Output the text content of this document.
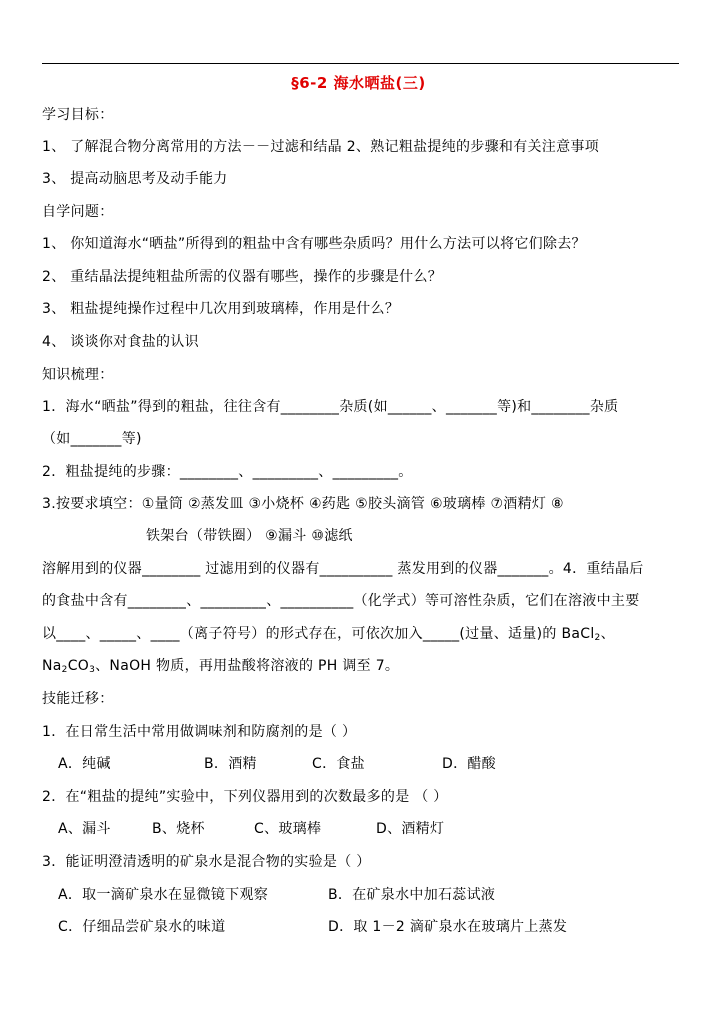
§6-2 海水晒盐(三)
学习目标：
1、 了解混合物分离常用的方法－－过滤和结晶 2、熟记粗盐提纯的步骤和有关注意事项
3、 提高动脑思考及动手能力
自学问题：
1、 你知道海水“晒盐”所得到的粗盐中含有哪些杂质吗？用什么方法可以将它们除去？
2、 重结晶法提纯粗盐所需的仪器有哪些，操作的步骤是什么？
3、 粗盐提纯操作过程中几次用到玻璃棒，作用是什么？
4、 谈谈你对食盐的认识
知识梳理：
1．海水“晒盐”得到的粗盐，往往含有________杂质(如______、_______等)和________杂质
（如_______等)
2．粗盐提纯的步骤：________、_________、_________。
3.按要求填空：①量筒 ②蒸发皿 ③小烧杯 ④药匙 ⑤胶头滴管 ⑥玻璃棒 ⑦酒精灯 ⑧
铁架台（带铁圈） ⑨漏斗 ⑩滤纸
溶解用到的仪器________ 过滤用到的仪器有__________ 蒸发用到的仪器_______。4．重结晶后
的食盐中含有________、_________、__________（化学式）等可溶性杂质，它们在溶液中主要
以____、_____、____（离子符号）的形式存在，可依次加入_____(过量、适量)的 BaCl$_2$、
$Na_2CO_3$、NaOH 物质，再用盐酸将溶液的 PH 调至 7。
技能迁移：
1．在日常生活中常用做调味剂和防腐剂的是（ ）
A．纯碱	B．酒精	C．食盐	D．醋酸
2．在“粗盐的提纯”实验中，下列仪器用到的次数最多的是 （ ）
A、漏斗	B、烧杯	C、玻璃棒	D、酒精灯
3．能证明澄清透明的矿泉水是混合物的实验是（ ）
A．取一滴矿泉水在显微镜下观察	B．在矿泉水中加石蕊试液
C．仔细品尝矿泉水的味道	D．取 1－2 滴矿泉水在玻璃片上蒸发
